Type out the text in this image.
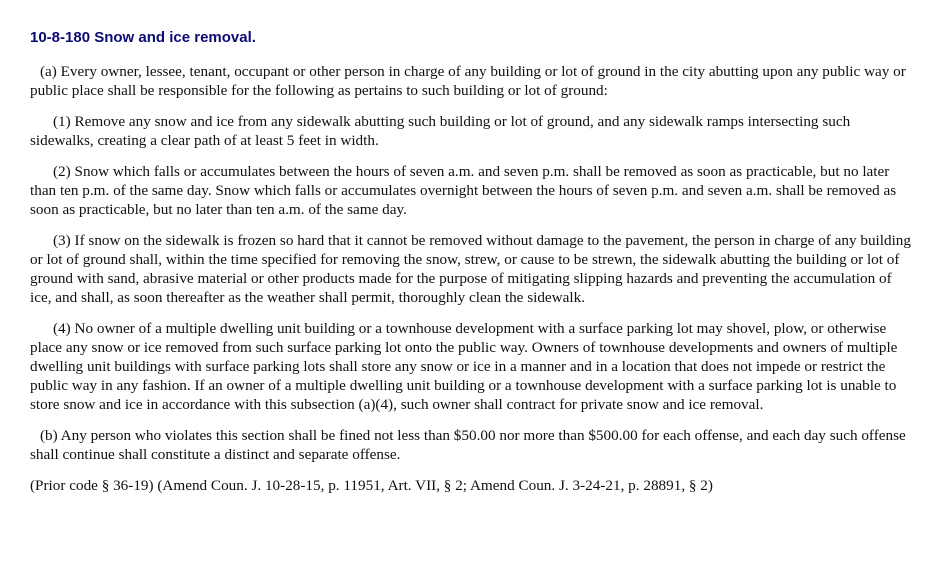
10-8-180 Snow and ice removal.

(a) Every owner, lessee, tenant, occupant or other person in charge of any building or lot of ground in the city abutting upon any public way or public place shall be responsible for the following as pertains to such building or lot of ground:

(1) Remove any snow and ice from any sidewalk abutting such building or lot of ground, and any sidewalk ramps intersecting such sidewalks, creating a clear path of at least 5 feet in width.

(2) Snow which falls or accumulates between the hours of seven a.m. and seven p.m. shall be removed as soon as practicable, but no later than ten p.m. of the same day. Snow which falls or accumulates overnight between the hours of seven p.m. and seven a.m. shall be removed as soon as practicable, but no later than ten a.m. of the same day.

(3) If snow on the sidewalk is frozen so hard that it cannot be removed without damage to the pavement, the person in charge of any building or lot of ground shall, within the time specified for removing the snow, strew, or cause to be strewn, the sidewalk abutting the building or lot of ground with sand, abrasive material or other products made for the purpose of mitigating slipping hazards and preventing the accumulation of ice, and shall, as soon thereafter as the weather shall permit, thoroughly clean the sidewalk.

(4) No owner of a multiple dwelling unit building or a townhouse development with a surface parking lot may shovel, plow, or otherwise place any snow or ice removed from such surface parking lot onto the public way. Owners of townhouse developments and owners of multiple dwelling unit buildings with surface parking lots shall store any snow or ice in a manner and in a location that does not impede or restrict the public way in any fashion. If an owner of a multiple dwelling unit building or a townhouse development with a surface parking lot is unable to store snow and ice in accordance with this subsection (a)(4), such owner shall contract for private snow and ice removal.

(b) Any person who violates this section shall be fined not less than $50.00 nor more than $500.00 for each offense, and each day such offense shall continue shall constitute a distinct and separate offense.

(Prior code § 36-19) (Amend Coun. J. 10-28-15, p. 11951, Art. VII, § 2; Amend Coun. J. 3-24-21, p. 28891, § 2)
